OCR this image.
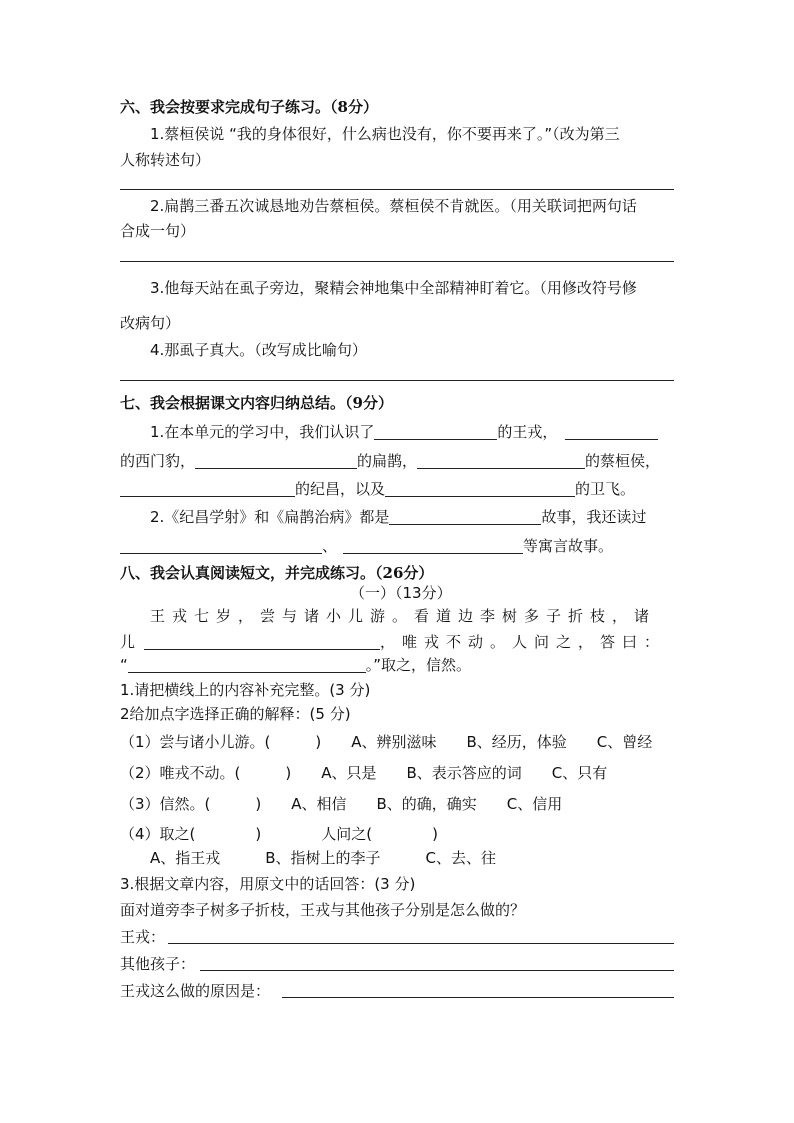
六、我会按要求完成句子练习。（8分）
1.蔡桓侯说 “我的身体很好，什么病也没有，你不要再来了。”（改为第三
人称转述句）
2.扁鹊三番五次诚恳地劝告蔡桓侯。蔡桓侯不肯就医。（用关联词把两句话
合成一句）
3.他每天站在虱子旁边，聚精会神地集中全部精神盯着它。（用修改符号修
改病句）
4.那虱子真大。（改写成比喻句）
七、我会根据课文内容归纳总结。（9分）
1.在本单元的学习中，我们认识了	的王戎，
的西门豹，	的扁鹊，	的蔡桓侯，
的纪昌，以及	的卫飞。
2.《纪昌学射》和《扁鹊治病》都是	故事，我还读过
、	等寓言故事。
八、我会认真阅读短文，并完成练习。（26分）
（一）（13分）
王戎七岁，尝与诸小儿游。看道边李树多子折枝，诸
儿	，唯戎不动。人问之，答曰：
“	。”取之，信然。
1.请把横线上的内容补充完整。(3 分)
2给加点字选择正确的解释：(5 分)
（1）尝与诸小儿游。(　　　)　　A、辨别滋味　　B、经历，体验　　C、曾经
（2）唯戎不动。(　　　)　　A、只是　　B、表示答应的词　　C、只有
（3）信然。(　　　)　　A、相信　　B、的确，确实　　C、信用
（4）取之(　　　　)　　　　人问之(　　　　)
A、指王戎　　　B、指树上的李子　　　C、去、往
3.根据文章内容，用原文中的话回答：(3 分)
面对道旁李子树多子折枝，王戎与其他孩子分别是怎么做的？
王戎：
其他孩子：
王戎这么做的原因是：
